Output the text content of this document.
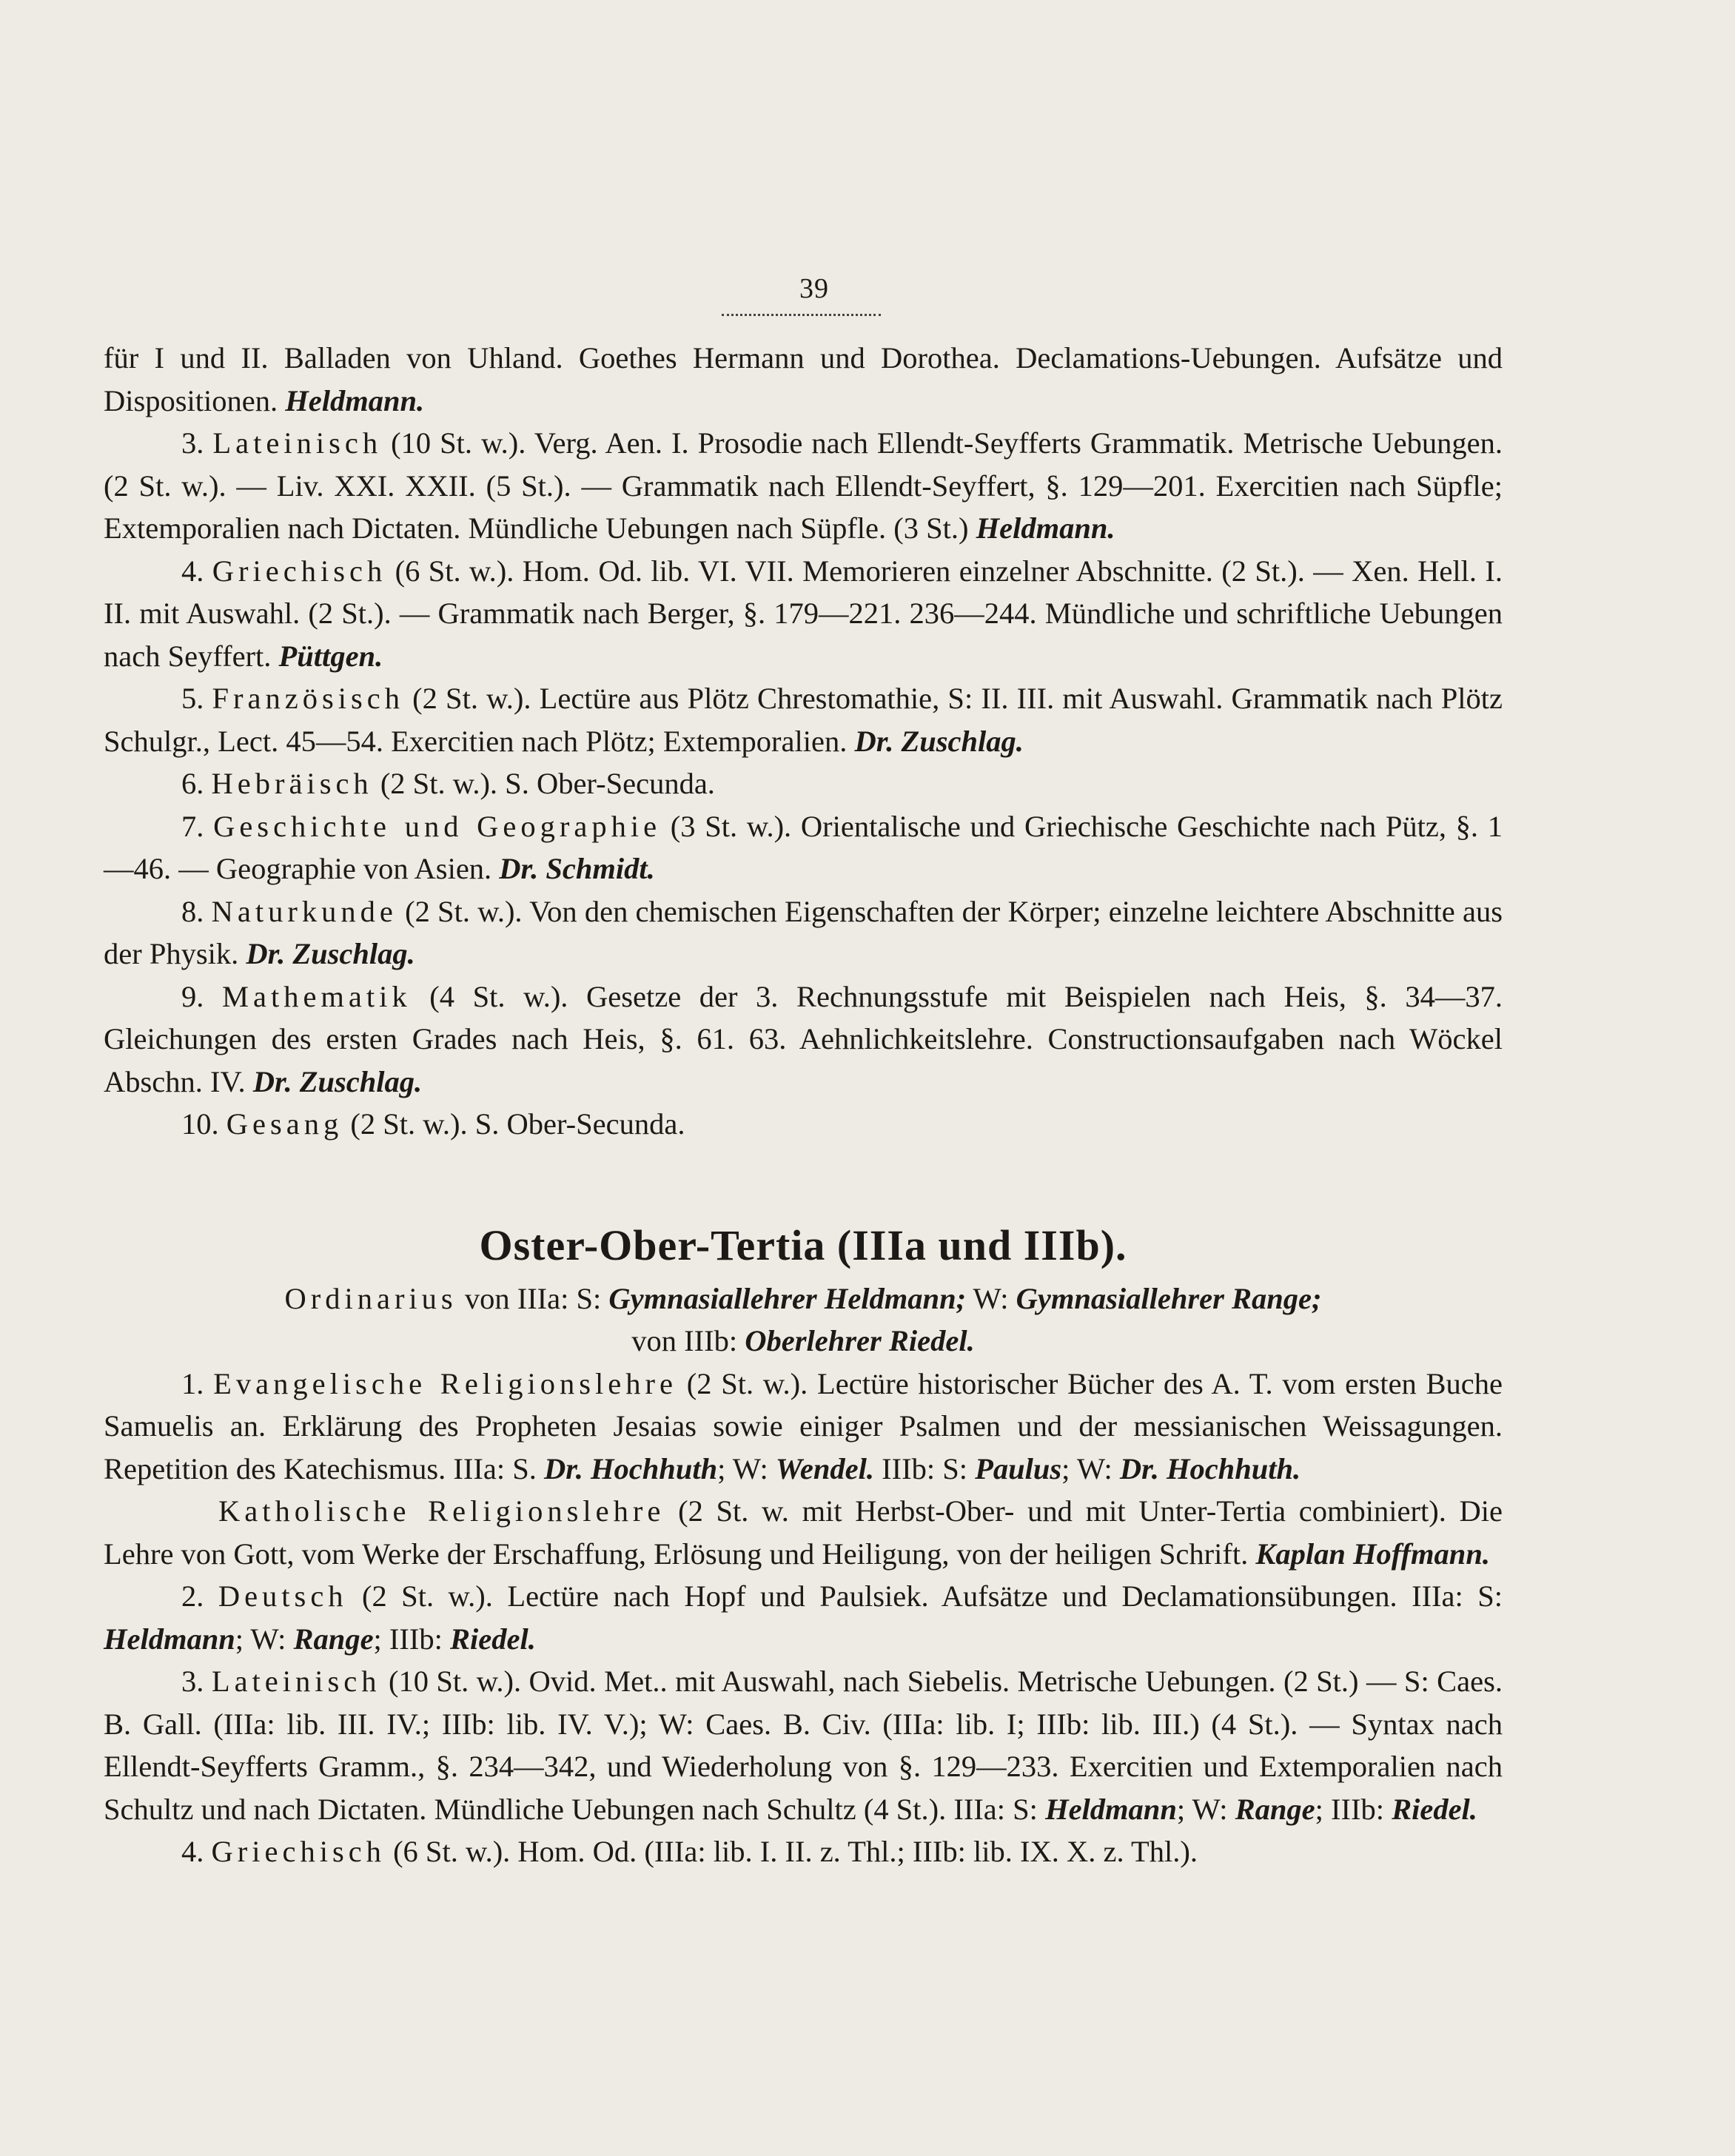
39

für I und II. Balladen von Uhland. Goethes Hermann und Dorothea. Declamations-Uebungen. Aufsätze und Dispositionen. Heldmann.

3. Lateinisch (10 St. w.). Verg. Aen. I. Prosodie nach Ellendt-Seyfferts Grammatik. Metrische Uebungen. (2 St. w.). — Liv. XXI. XXII. (5 St.). — Grammatik nach Ellendt-Seyffert, §. 129—201. Exercitien nach Süpfle; Extemporalien nach Dictaten. Mündliche Uebungen nach Süpfle. (3 St.) Heldmann.

4. Griechisch (6 St. w.). Hom. Od. lib. VI. VII. Memorieren einzelner Abschnitte. (2 St.). — Xen. Hell. I. II. mit Auswahl. (2 St.). — Grammatik nach Berger, §. 179—221. 236—244. Mündliche und schriftliche Uebungen nach Seyffert. Püttgen.

5. Französisch (2 St. w.). Lectüre aus Plötz Chrestomathie, S: II. III. mit Auswahl. Grammatik nach Plötz Schulgr., Lect. 45—54. Exercitien nach Plötz; Extemporalien. Dr. Zuschlag.

6. Hebräisch (2 St. w.). S. Ober-Secunda.

7. Geschichte und Geographie (3 St. w.). Orientalische und Griechische Geschichte nach Pütz, §. 1—46. — Geographie von Asien. Dr. Schmidt.

8. Naturkunde (2 St. w.). Von den chemischen Eigenschaften der Körper; einzelne leichtere Abschnitte aus der Physik. Dr. Zuschlag.

9. Mathematik (4 St. w.). Gesetze der 3. Rechnungsstufe mit Beispielen nach Heis, §. 34—37. Gleichungen des ersten Grades nach Heis, §. 61. 63. Aehnlichkeitslehre. Constructionsaufgaben nach Wöckel Abschn. IV. Dr. Zuschlag.

10. Gesang (2 St. w.). S. Ober-Secunda.

Oster-Ober-Tertia (IIIa und IIIb).

Ordinarius von IIIa: S: Gymnasiallehrer Heldmann; W: Gymnasiallehrer Range;
von IIIb: Oberlehrer Riedel.

1. Evangelische Religionslehre (2 St. w.). Lectüre historischer Bücher des A. T. vom ersten Buche Samuelis an. Erklärung des Propheten Jesaias sowie einiger Psalmen und der messianischen Weissagungen. Repetition des Katechismus. IIIa: S. Dr. Hochhuth; W: Wendel. IIIb: S: Paulus; W: Dr. Hochhuth.

Katholische Religionslehre (2 St. w. mit Herbst-Ober- und mit Unter-Tertia combiniert). Die Lehre von Gott, vom Werke der Erschaffung, Erlösung und Heiligung, von der heiligen Schrift. Kaplan Hoffmann.

2. Deutsch (2 St. w.). Lectüre nach Hopf und Paulsiek. Aufsätze und Declamationsübungen. IIIa: S: Heldmann; W: Range; IIIb: Riedel.

3. Lateinisch (10 St. w.). Ovid. Met.. mit Auswahl, nach Siebelis. Metrische Uebungen. (2 St.) — S: Caes. B. Gall. (IIIa: lib. III. IV.; IIIb: lib. IV. V.); W: Caes. B. Civ. (IIIa: lib. I; IIIb: lib. III.) (4 St.). — Syntax nach Ellendt-Seyfferts Gramm., §. 234—342, und Wiederholung von §. 129—233. Exercitien und Extemporalien nach Schultz und nach Dictaten. Mündliche Uebungen nach Schultz (4 St.). IIIa: S: Heldmann; W: Range; IIIb: Riedel.

4. Griechisch (6 St. w.). Hom. Od. (IIIa: lib. I. II. z. Thl.; IIIb: lib. IX. X. z. Thl.).
